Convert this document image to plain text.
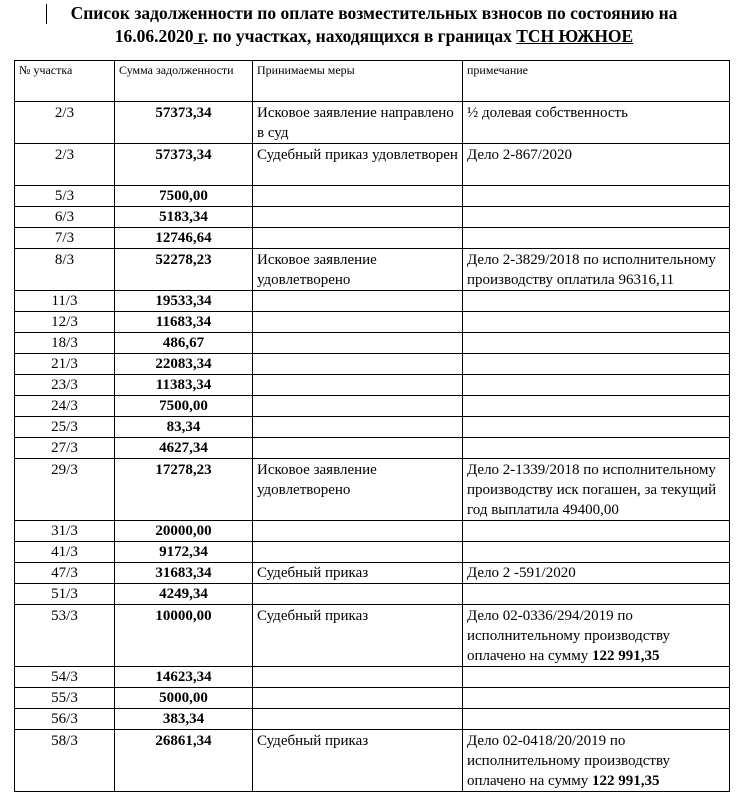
Список задолженности по оплате возместительных взносов по состоянию на
16.06.2020 г. по участках, находящихся в границах ТСН ЮЖНОЕ
№ участка	Сумма задолженности	Принимаемы меры	примечание
2/3	57373,34	Исковое заявление направлено в суд	½ долевая собственность
2/3	57373,34	Судебный приказ удовлетворен	Дело 2-867/2020
5/3	7500,00		
6/3	5183,34		
7/3	12746,64		
8/3	52278,23	Исковое заявление удовлетворено	Дело 2-3829/2018 по исполнительному производству оплатила 96316,11
11/3	19533,34		
12/3	11683,34		
18/3	486,67		
21/3	22083,34		
23/3	11383,34		
24/3	7500,00		
25/3	83,34		
27/3	4627,34		
29/3	17278,23	Исковое заявление удовлетворено	Дело 2-1339/2018 по исполнительному производству иск погашен, за текущий год выплатила 49400,00
31/3	20000,00		
41/3	9172,34		
47/3	31683,34	Судебный приказ	Дело 2 -591/2020
51/3	4249,34		
53/3	10000,00	Судебный приказ	Дело 02-0336/294/2019 по исполнительному производству оплачено на сумму 122 991,35
54/3	14623,34		
55/3	5000,00		
56/3	383,34		
58/3	26861,34	Судебный приказ	Дело 02-0418/20/2019 по исполнительному производству оплачено на сумму 122 991,35
